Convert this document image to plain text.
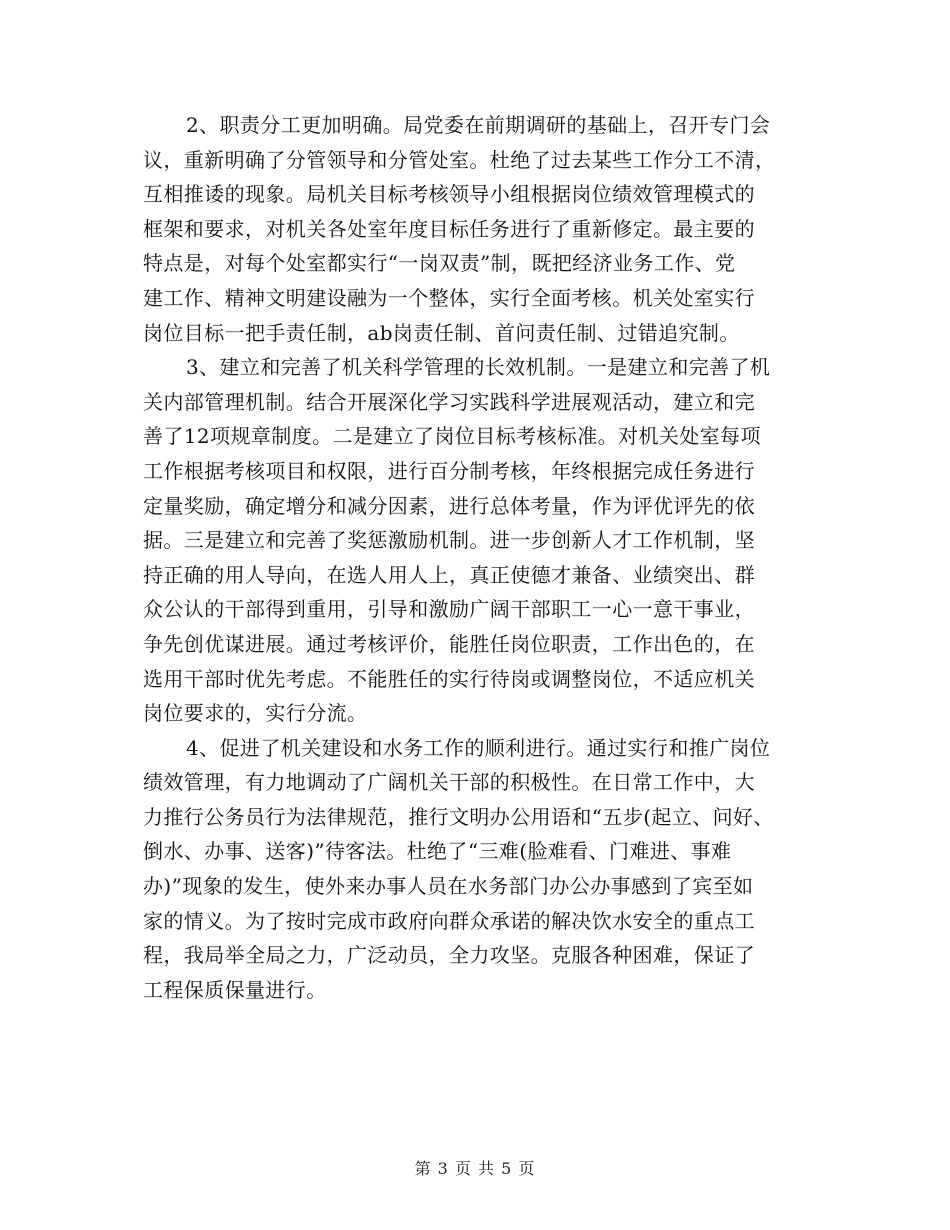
2、职责分工更加明确。局党委在前期调研的基础上，召开专门会
议，重新明确了分管领导和分管处室。杜绝了过去某些工作分工不清，
互相推诿的现象。局机关目标考核领导小组根据岗位绩效管理模式的
框架和要求，对机关各处室年度目标任务进行了重新修定。最主要的
特点是，对每个处室都实行“一岗双责”制，既把经济业务工作、党
建工作、精神文明建设融为一个整体，实行全面考核。机关处室实行
岗位目标一把手责任制，ab岗责任制、首问责任制、过错追究制。
3、建立和完善了机关科学管理的长效机制。一是建立和完善了机
关内部管理机制。结合开展深化学习实践科学进展观活动，建立和完
善了12项规章制度。二是建立了岗位目标考核标准。对机关处室每项
工作根据考核项目和权限，进行百分制考核，年终根据完成任务进行
定量奖励，确定增分和减分因素，进行总体考量，作为评优评先的依
据。三是建立和完善了奖惩激励机制。进一步创新人才工作机制，坚
持正确的用人导向，在选人用人上，真正使德才兼备、业绩突出、群
众公认的干部得到重用，引导和激励广阔干部职工一心一意干事业，
争先创优谋进展。通过考核评价，能胜任岗位职责，工作出色的，在
选用干部时优先考虑。不能胜任的实行待岗或调整岗位，不适应机关
岗位要求的，实行分流。
4、促进了机关建设和水务工作的顺利进行。通过实行和推广岗位
绩效管理，有力地调动了广阔机关干部的积极性。在日常工作中，大
力推行公务员行为法律规范，推行文明办公用语和“五步(起立、问好、
倒水、办事、送客)”待客法。杜绝了“三难(脸难看、门难进、事难
办)”现象的发生，使外来办事人员在水务部门办公办事感到了宾至如
家的情义。为了按时完成市政府向群众承诺的解决饮水安全的重点工
程，我局举全局之力，广泛动员，全力攻坚。克服各种困难，保证了
工程保质保量进行。
第 3 页 共 5 页
